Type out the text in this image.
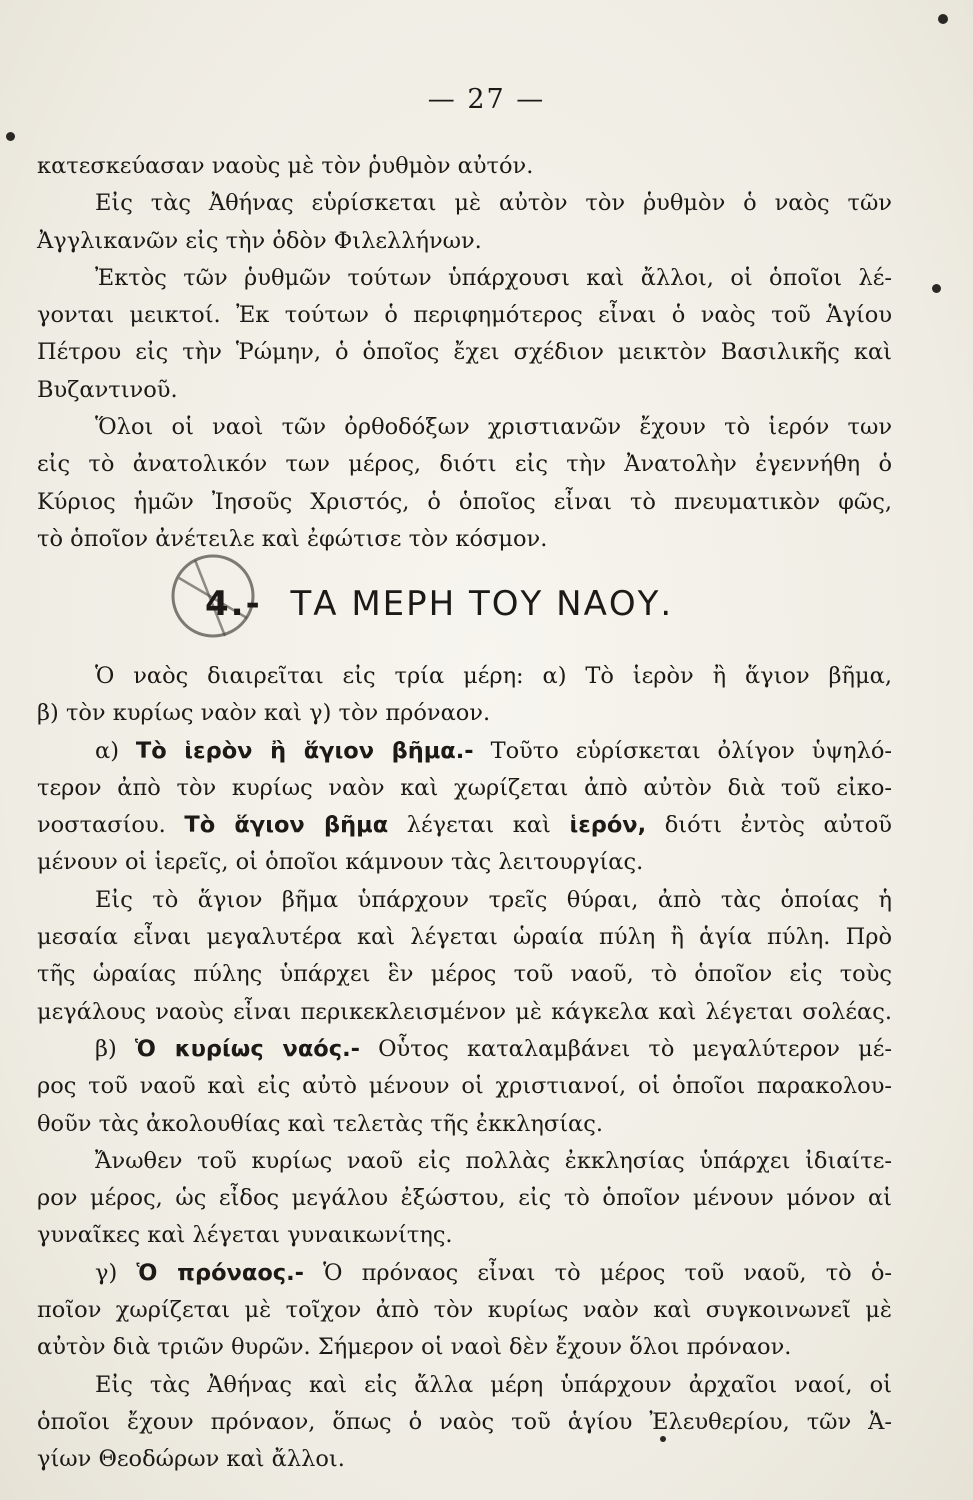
— 27 —
κατεσκεύασαν ναοὺς μὲ τὸν ῥυθμὸν αὐτόν.
Εἰς τὰς Ἀθήνας εὑρίσκεται μὲ αὐτὸν τὸν ῥυθμὸν ὁ ναὸς τῶν
Ἀγγλικανῶν εἰς τὴν ὁδὸν Φιλελλήνων.
Ἐκτὸς τῶν ῥυθμῶν τούτων ὑπάρχουσι καὶ ἄλλοι, οἱ ὁποῖοι λέ-
γονται μεικτοί. Ἐκ τούτων ὁ περιφημότερος εἶναι ὁ ναὸς τοῦ Ἁγίου
Πέτρου εἰς τὴν Ῥώμην, ὁ ὁποῖος ἔχει σχέδιον μεικτὸν Βασιλικῆς καὶ
Βυζαντινοῦ.
Ὅλοι οἱ ναοὶ τῶν ὀρθοδόξων χριστιανῶν ἔχουν τὸ ἱερόν των
εἰς τὸ ἀνατολικόν των μέρος, διότι εἰς τὴν Ἀνατολὴν ἐγεννήθη ὁ
Κύριος ἡμῶν Ἰησοῦς Χριστός, ὁ ὁποῖος εἶναι τὸ πνευματικὸν φῶς,
τὸ ὁποῖον ἀνέτειλε καὶ ἐφώτισε τὸν κόσμον.
4.- ΤΑ ΜΕΡΗ ΤΟΥ ΝΑΟΥ.
Ὁ ναὸς διαιρεῖται εἰς τρία μέρη: α) Τὸ ἱερὸν ἢ ἅγιον βῆμα,
β) τὸν κυρίως ναὸν καὶ γ) τὸν πρόναον.
α) Τὸ ἱερὸν ἢ ἅγιον βῆμα.- Τοῦτο εὑρίσκεται ὀλίγον ὑψηλό-
τερον ἀπὸ τὸν κυρίως ναὸν καὶ χωρίζεται ἀπὸ αὐτὸν διὰ τοῦ εἰκο-
νοστασίου. Τὸ ἅγιον βῆμα λέγεται καὶ ἱερόν, διότι ἐντὸς αὐτοῦ
μένουν οἱ ἱερεῖς, οἱ ὁποῖοι κάμνουν τὰς λειτουργίας.
Εἰς τὸ ἅγιον βῆμα ὑπάρχουν τρεῖς θύραι, ἀπὸ τὰς ὁποίας ἡ
μεσαία εἶναι μεγαλυτέρα καὶ λέγεται ὡραία πύλη ἢ ἁγία πύλη. Πρὸ
τῆς ὡραίας πύλης ὑπάρχει ἓν μέρος τοῦ ναοῦ, τὸ ὁποῖον εἰς τοὺς
μεγάλους ναοὺς εἶναι περικεκλεισμένον μὲ κάγκελα καὶ λέγεται σολέας.
β) Ὁ κυρίως ναός.- Οὗτος καταλαμβάνει τὸ μεγαλύτερον μέ-
ρος τοῦ ναοῦ καὶ εἰς αὐτὸ μένουν οἱ χριστιανοί, οἱ ὁποῖοι παρακολου-
θοῦν τὰς ἀκολουθίας καὶ τελετὰς τῆς ἐκκλησίας.
Ἄνωθεν τοῦ κυρίως ναοῦ εἰς πολλὰς ἐκκλησίας ὑπάρχει ἰδιαίτε-
ρον μέρος, ὡς εἶδος μεγάλου ἐξώστου, εἰς τὸ ὁποῖον μένουν μόνον αἱ
γυναῖκες καὶ λέγεται γυναικωνίτης.
γ) Ὁ πρόναος.- Ὁ πρόναος εἶναι τὸ μέρος τοῦ ναοῦ, τὸ ὁ-
ποῖον χωρίζεται μὲ τοῖχον ἀπὸ τὸν κυρίως ναὸν καὶ συγκοινωνεῖ μὲ
αὐτὸν διὰ τριῶν θυρῶν. Σήμερον οἱ ναοὶ δὲν ἔχουν ὅλοι πρόναον.
Εἰς τὰς Ἀθήνας καὶ εἰς ἄλλα μέρη ὑπάρχουν ἀρχαῖοι ναοί, οἱ
ὁποῖοι ἔχουν πρόναον, ὅπως ὁ ναὸς τοῦ ἁγίου Ἐλευθερίου, τῶν Ἁ-
γίων Θεοδώρων καὶ ἄλλοι.
